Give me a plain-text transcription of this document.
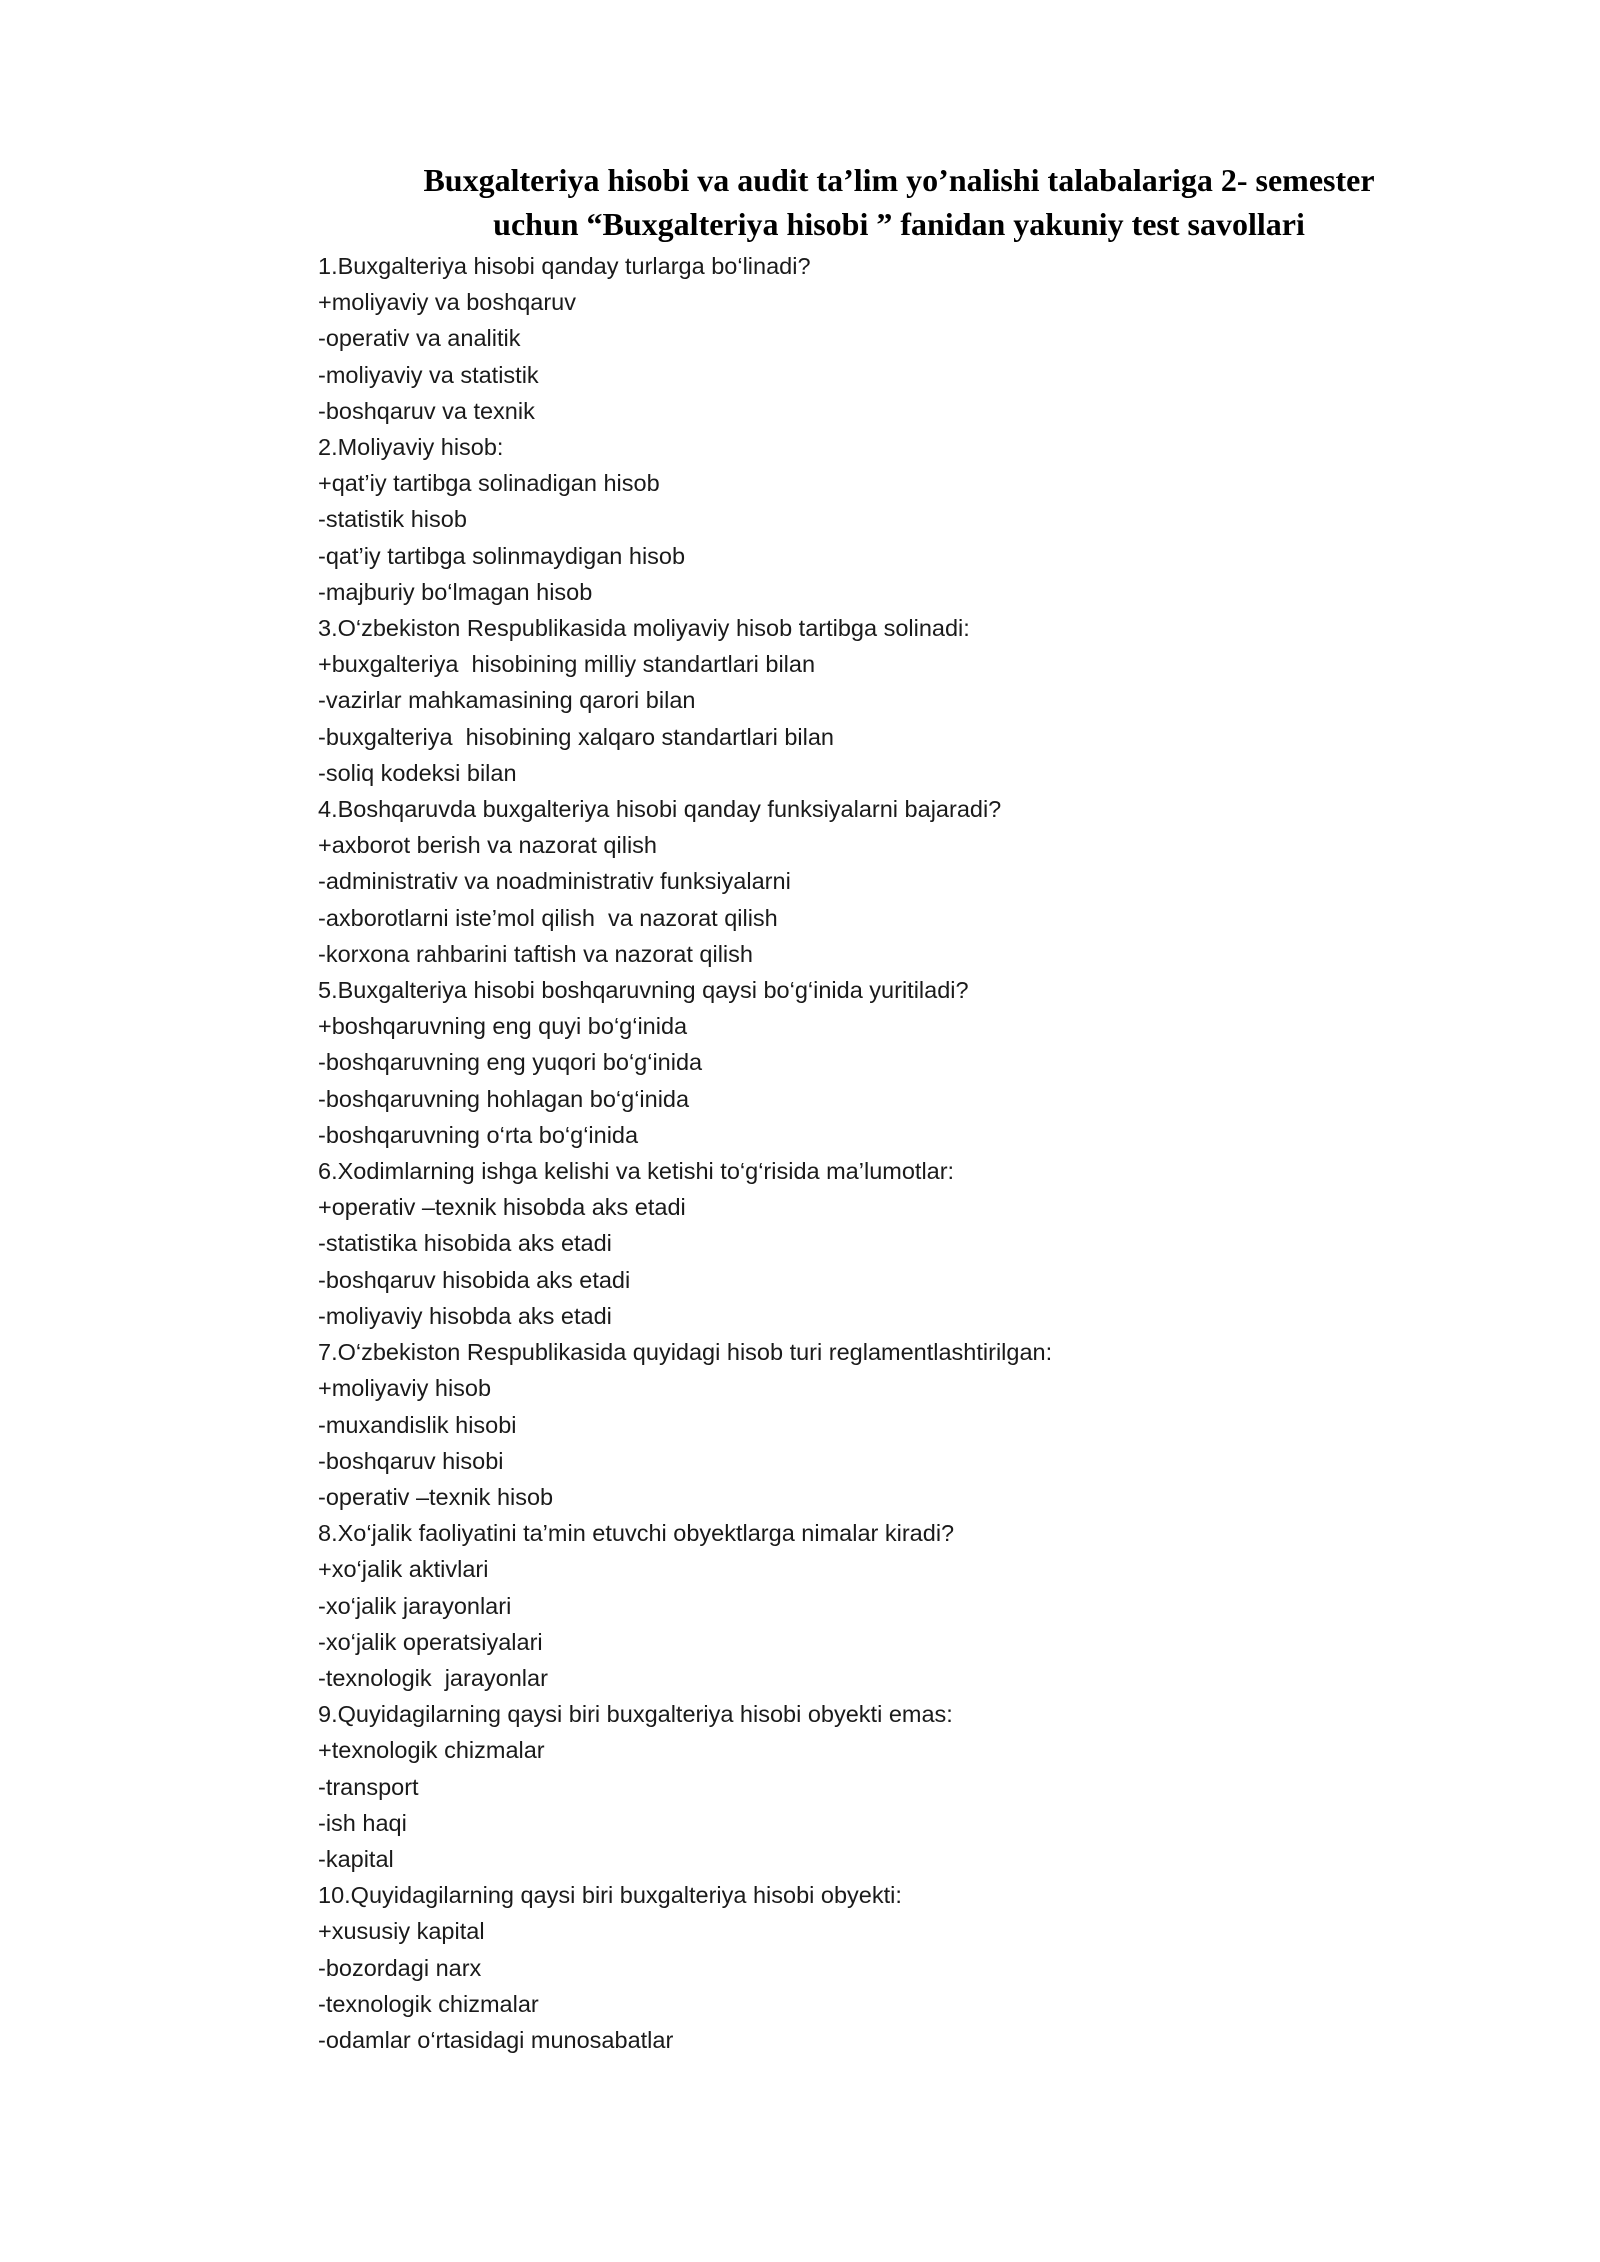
Buxgalteriya hisobi va audit ta’lim yo’nalishi talabalariga 2- semester
uchun “Buxgalteriya hisobi ” fanidan yakuniy test savollari
1.Buxgalteriya hisobi qanday turlarga bo‘linadi?
+moliyaviy va boshqaruv
-operativ va analitik
-moliyaviy va statistik
-boshqaruv va texnik
2.Moliyaviy hisob:
+qat’iy tartibga solinadigan hisob
-statistik hisob
-qat’iy tartibga solinmaydigan hisob
-majburiy bo‘lmagan hisob
3.O‘zbekiston Respublikasida moliyaviy hisob tartibga solinadi:
+buxgalteriya  hisobining milliy standartlari bilan
-vazirlar mahkamasining qarori bilan
-buxgalteriya  hisobining xalqaro standartlari bilan
-soliq kodeksi bilan
4.Boshqaruvda buxgalteriya hisobi qanday funksiyalarni bajaradi?
+axborot berish va nazorat qilish
-administrativ va noadministrativ funksiyalarni
-axborotlarni iste’mol qilish  va nazorat qilish
-korxona rahbarini taftish va nazorat qilish
5.Buxgalteriya hisobi boshqaruvning qaysi bo‘g‘inida yuritiladi?
+boshqaruvning eng quyi bo‘g‘inida
-boshqaruvning eng yuqori bo‘g‘inida
-boshqaruvning hohlagan bo‘g‘inida
-boshqaruvning o‘rta bo‘g‘inida
6.Xodimlarning ishga kelishi va ketishi to‘g‘risida ma’lumotlar:
+operativ –texnik hisobda aks etadi
-statistika hisobida aks etadi
-boshqaruv hisobida aks etadi
-moliyaviy hisobda aks etadi
7.O‘zbekiston Respublikasida quyidagi hisob turi reglamentlashtirilgan:
+moliyaviy hisob
-muxandislik hisobi
-boshqaruv hisobi
-operativ –texnik hisob
8.Xo‘jalik faoliyatini ta’min etuvchi obyektlarga nimalar kiradi?
+xo‘jalik aktivlari
-xo‘jalik jarayonlari
-xo‘jalik operatsiyalari
-texnologik  jarayonlar
9.Quyidagilarning qaysi biri buxgalteriya hisobi obyekti emas:
+texnologik chizmalar
-transport
-ish haqi
-kapital
10.Quyidagilarning qaysi biri buxgalteriya hisobi obyekti:
+xususiy kapital
-bozordagi narx
-texnologik chizmalar
-odamlar o‘rtasidagi munosabatlar
